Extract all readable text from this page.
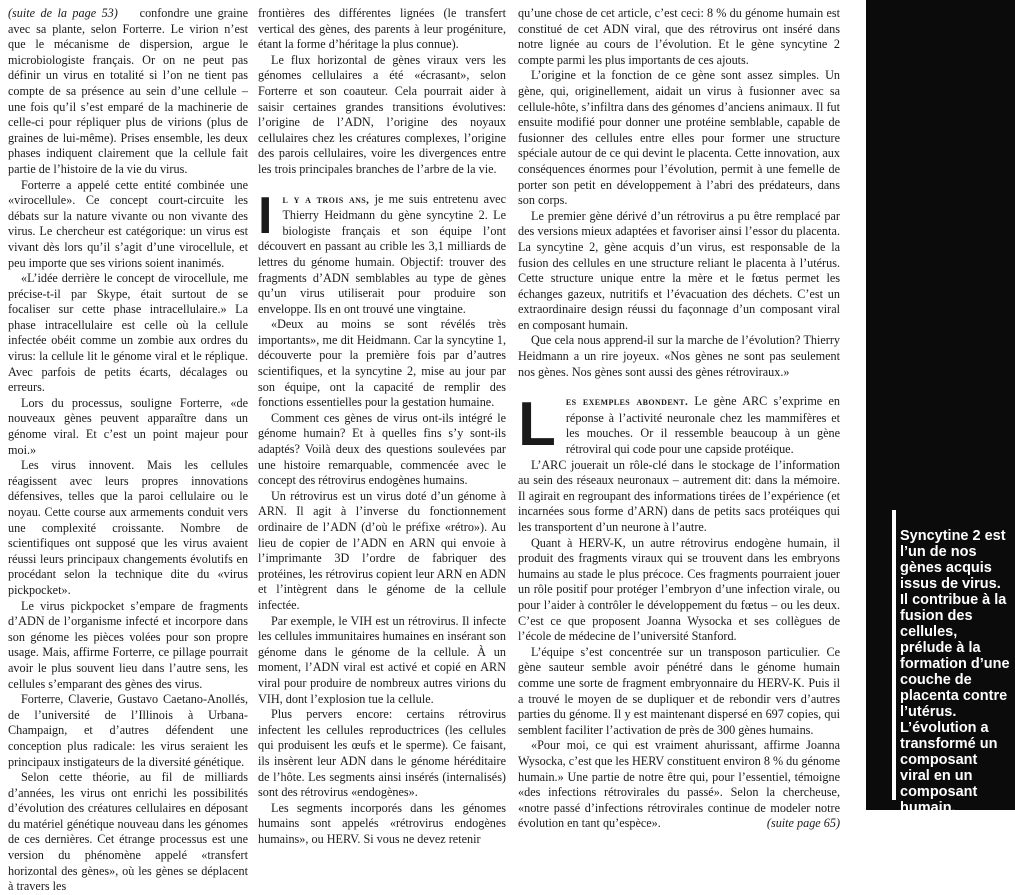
(suite de la page 53) confondre une graine avec sa plante, selon Forterre. Le virion n’est que le mécanisme de dispersion, argue le microbiologiste français. Or on ne peut pas définir un virus en totalité si l’on ne tient pas compte de sa présence au sein d’une cellule – une fois qu’il s’est emparé de la machinerie de celle-ci pour répliquer plus de virions (plus de graines de lui-même). Prises ensemble, les deux phases indiquent clairement que la cellule fait partie de l’histoire de la vie du virus.

Forterre a appelé cette entité combinée une «virocellule». Ce concept court-circuite les débats sur la nature vivante ou non vivante des virus. Le chercheur est catégorique: un virus est vivant dès lors qu’il s’agit d’une virocellule, et peu importe que ses virions soient inanimés.

«L’idée derrière le concept de virocellule, me précise-t-il par Skype, était surtout de se focaliser sur cette phase intracellulaire.» La phase intracellulaire est celle où la cellule infectée obéit comme un zombie aux ordres du virus: la cellule lit le génome viral et le réplique. Avec parfois de petits écarts, décalages ou erreurs.

Lors du processus, souligne Forterre, «de nouveaux gènes peuvent apparaître dans un génome viral. Et c’est un point majeur pour moi.»

Les virus innovent. Mais les cellules réagissent avec leurs propres innovations défensives, telles que la paroi cellulaire ou le noyau. Cette course aux armements conduit vers une complexité croissante. Nombre de scientifiques ont supposé que les virus avaient réussi leurs principaux changements évolutifs en procédant selon la technique dite du «virus pickpocket».

Le virus pickpocket s’empare de fragments d’ADN de l’organisme infecté et incorpore dans son génome les pièces volées pour son propre usage. Mais, affirme Forterre, ce pillage pourrait avoir le plus souvent lieu dans l’autre sens, les cellules s’emparant des gènes des virus.

Forterre, Claverie, Gustavo Caetano-Anollés, de l’université de l’Illinois à Urbana-Champaign, et d’autres défendent une conception plus radicale: les virus seraient les principaux instigateurs de la diversité génétique.

Selon cette théorie, au fil de milliards d’années, les virus ont enrichi les possibilités d’évolution des créatures cellulaires en déposant du matériel génétique nouveau dans les génomes de ces dernières. Cet étrange processus est une version du phénomène appelé «transfert horizontal des gènes», où les gènes se déplacent à travers les

frontières des différentes lignées (le transfert vertical des gènes, des parents à leur progéniture, étant la forme d’héritage la plus connue).

Le flux horizontal de gènes viraux vers les génomes cellulaires a été «écrasant», selon Forterre et son coauteur. Cela pourrait aider à saisir certaines grandes transitions évolutives: l’origine de l’ADN, l’origine des noyaux cellulaires chez les créatures complexes, l’origine des parois cellulaires, voire les divergences entre les trois principales branches de l’arbre de la vie.

Il y a trois ans, je me suis entretenu avec Thierry Heidmann du gène syncytine 2. Le biologiste français et son équipe l’ont découvert en passant au crible les 3,1 milliards de lettres du génome humain. Objectif: trouver des fragments d’ADN semblables au type de gènes qu’un virus utiliserait pour produire son enveloppe. Ils en ont trouvé une vingtaine.

«Deux au moins se sont révélés très importants», me dit Heidmann. Car la syncytine 1, découverte pour la première fois par d’autres scientifiques, et la syncytine 2, mise au jour par son équipe, ont la capacité de remplir des fonctions essentielles pour la gestation humaine.

Comment ces gènes de virus ont-ils intégré le génome humain? Et à quelles fins s’y sont-ils adaptés? Voilà deux des questions soulevées par une histoire remarquable, commencée avec le concept des rétrovirus endogènes humains.

Un rétrovirus est un virus doté d’un génome à ARN. Il agit à l’inverse du fonctionnement ordinaire de l’ADN (d’où le préfixe «rétro»). Au lieu de copier de l’ADN en ARN qui envoie à l’imprimante 3D l’ordre de fabriquer des protéines, les rétrovirus copient leur ARN en ADN et l’intègrent dans le génome de la cellule infectée.

Par exemple, le VIH est un rétrovirus. Il infecte les cellules immunitaires humaines en insérant son génome dans le génome de la cellule. À un moment, l’ADN viral est activé et copié en ARN viral pour produire de nombreux autres virions du VIH, dont l’explosion tue la cellule.

Plus pervers encore: certains rétrovirus infectent les cellules reproductrices (les cellules qui produisent les œufs et le sperme). Ce faisant, ils insèrent leur ADN dans le génome héréditaire de l’hôte. Les segments ainsi insérés (internalisés) sont des rétrovirus «endogènes».

Les segments incorporés dans les génomes humains sont appelés «rétrovirus endogènes humains», ou HERV. Si vous ne devez retenir

qu’une chose de cet article, c’est ceci: 8 % du génome humain est constitué de cet ADN viral, que des rétrovirus ont inséré dans notre lignée au cours de l’évolution. Et le gène syncytine 2 compte parmi les plus importants de ces ajouts.

L’origine et la fonction de ce gène sont assez simples. Un gène, qui, originellement, aidait un virus à fusionner avec sa cellule-hôte, s’infiltra dans des génomes d’anciens animaux. Il fut ensuite modifié pour donner une protéine semblable, capable de fusionner des cellules entre elles pour former une structure spéciale autour de ce qui devint le placenta. Cette innovation, aux conséquences énormes pour l’évolution, permit à une femelle de porter son petit en développement à l’abri des prédateurs, dans son corps.

Le premier gène dérivé d’un rétrovirus a pu être remplacé par des versions mieux adaptées et favoriser ainsi l’essor du placenta. La syncytine 2, gène acquis d’un virus, est responsable de la fusion des cellules en une structure reliant le placenta à l’utérus. Cette structure unique entre la mère et le fœtus permet les échanges gazeux, nutritifs et l’évacuation des déchets. C’est un extraordinaire design réussi du façonnage d’un composant viral en composant humain.

Que cela nous apprend-il sur la marche de l’évolution? Thierry Heidmann a un rire joyeux. «Nos gènes ne sont pas seulement nos gènes. Nos gènes sont aussi des gènes rétroviraux.»

Les exemples abondent. Le gène ARC s’exprime en réponse à l’activité neuronale chez les mammifères et les mouches. Or il ressemble beaucoup à un gène rétroviral qui code pour une capside protéique.

L’ARC jouerait un rôle-clé dans le stockage de l’information au sein des réseaux neuronaux – autrement dit: dans la mémoire. Il agirait en regroupant des informations tirées de l’expérience (et incarnées sous forme d’ARN) dans de petits sacs protéiques qui les transportent d’un neurone à l’autre.

Quant à HERV-K, un autre rétrovirus endogène humain, il produit des fragments viraux qui se trouvent dans les embryons humains au stade le plus précoce. Ces fragments pourraient jouer un rôle positif pour protéger l’embryon d’une infection virale, ou pour l’aider à contrôler le développement du fœtus – ou les deux. C’est ce que proposent Joanna Wysocka et ses collègues de l’école de médecine de l’université Stanford.

L’équipe s’est concentrée sur un transposon particulier. Ce gène sauteur semble avoir pénétré dans le génome humain comme une sorte de fragment embryonnaire du HERV-K. Puis il a trouvé le moyen de se dupliquer et de rebondir vers d’autres parties du génome. Il y est maintenant dispersé en 697 copies, qui semblent faciliter l’activation de près de 300 gènes humains.

«Pour moi, ce qui est vraiment ahurissant, affirme Joanna Wysocka, c’est que les HERV constituent environ 8 % du génome humain.» Une partie de notre être qui, pour l’essentiel, témoigne «des infections rétrovirales du passé». Selon la chercheuse, «notre passé d’infections rétrovirales continue de modeler notre évolution en tant qu’espèce».	(suite page 65)

Syncytine 2 est l’un de nos gènes acquis issus de virus. Il contribue à la fusion des cellules, prélude à la formation d’une couche de placenta contre l’utérus. L’évolution a transformé un composant viral en un composant humain.
